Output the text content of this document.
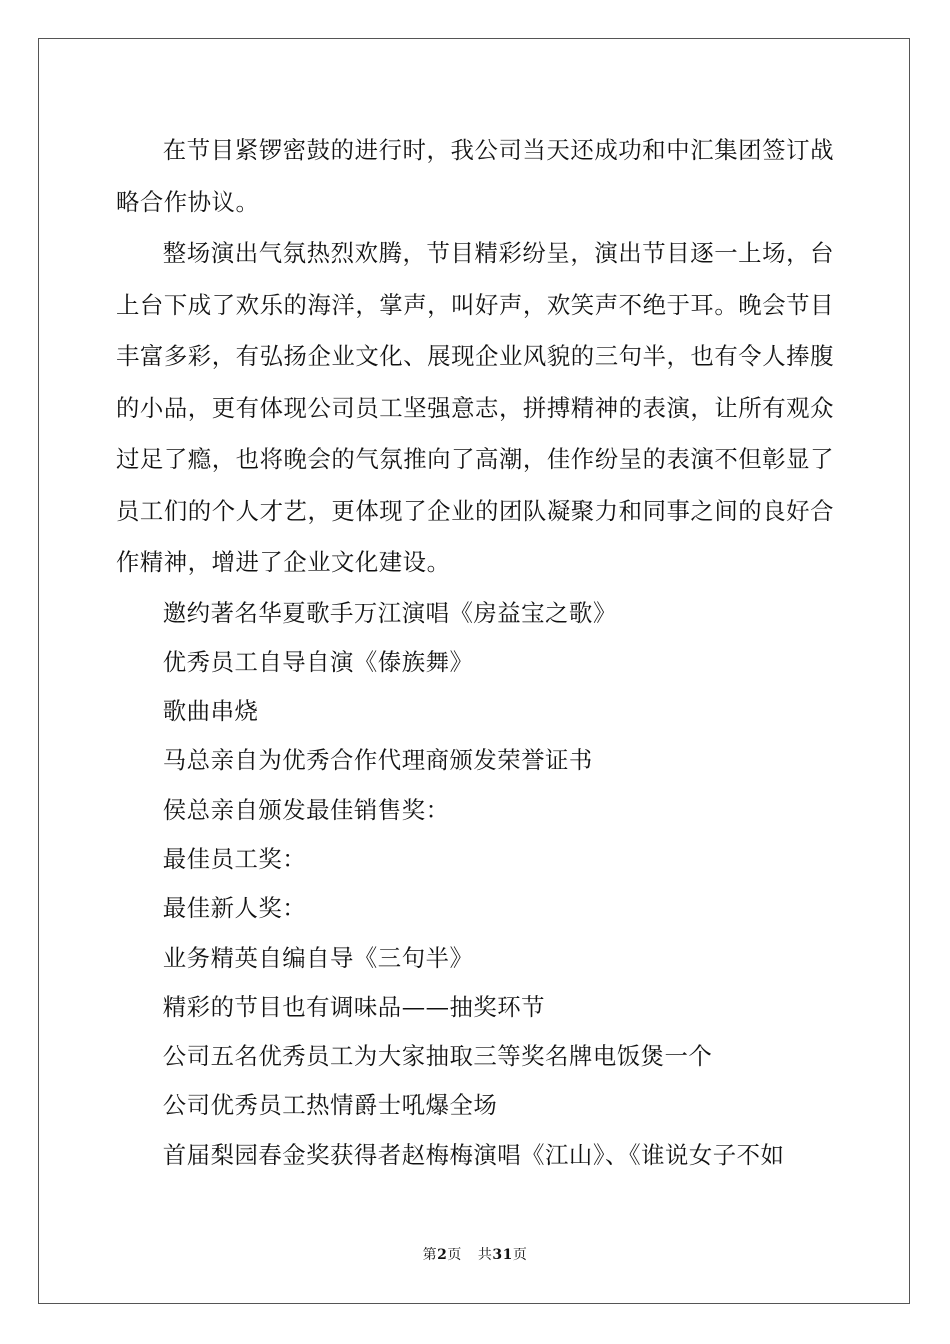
在节目紧锣密鼓的进行时，我公司当天还成功和中汇集团签订战略合作协议。

整场演出气氛热烈欢腾，节目精彩纷呈，演出节目逐一上场，台上台下成了欢乐的海洋，掌声，叫好声，欢笑声不绝于耳。晚会节目丰富多彩，有弘扬企业文化、展现企业风貌的三句半，也有令人捧腹的小品，更有体现公司员工坚强意志，拼搏精神的表演，让所有观众过足了瘾，也将晚会的气氛推向了高潮，佳作纷呈的表演不但彰显了员工们的个人才艺，更体现了企业的团队凝聚力和同事之间的良好合作精神，增进了企业文化建设。

邀约著名华夏歌手万江演唱《房益宝之歌》

优秀员工自导自演《傣族舞》

歌曲串烧

马总亲自为优秀合作代理商颁发荣誉证书

侯总亲自颁发最佳销售奖：

最佳员工奖：

最佳新人奖：

业务精英自编自导《三句半》

精彩的节目也有调味品——抽奖环节

公司五名优秀员工为大家抽取三等奖名牌电饭煲一个

公司优秀员工热情爵士吼爆全场

首届梨园春金奖获得者赵梅梅演唱《江山》、《谁说女子不如

第2页 共31页
